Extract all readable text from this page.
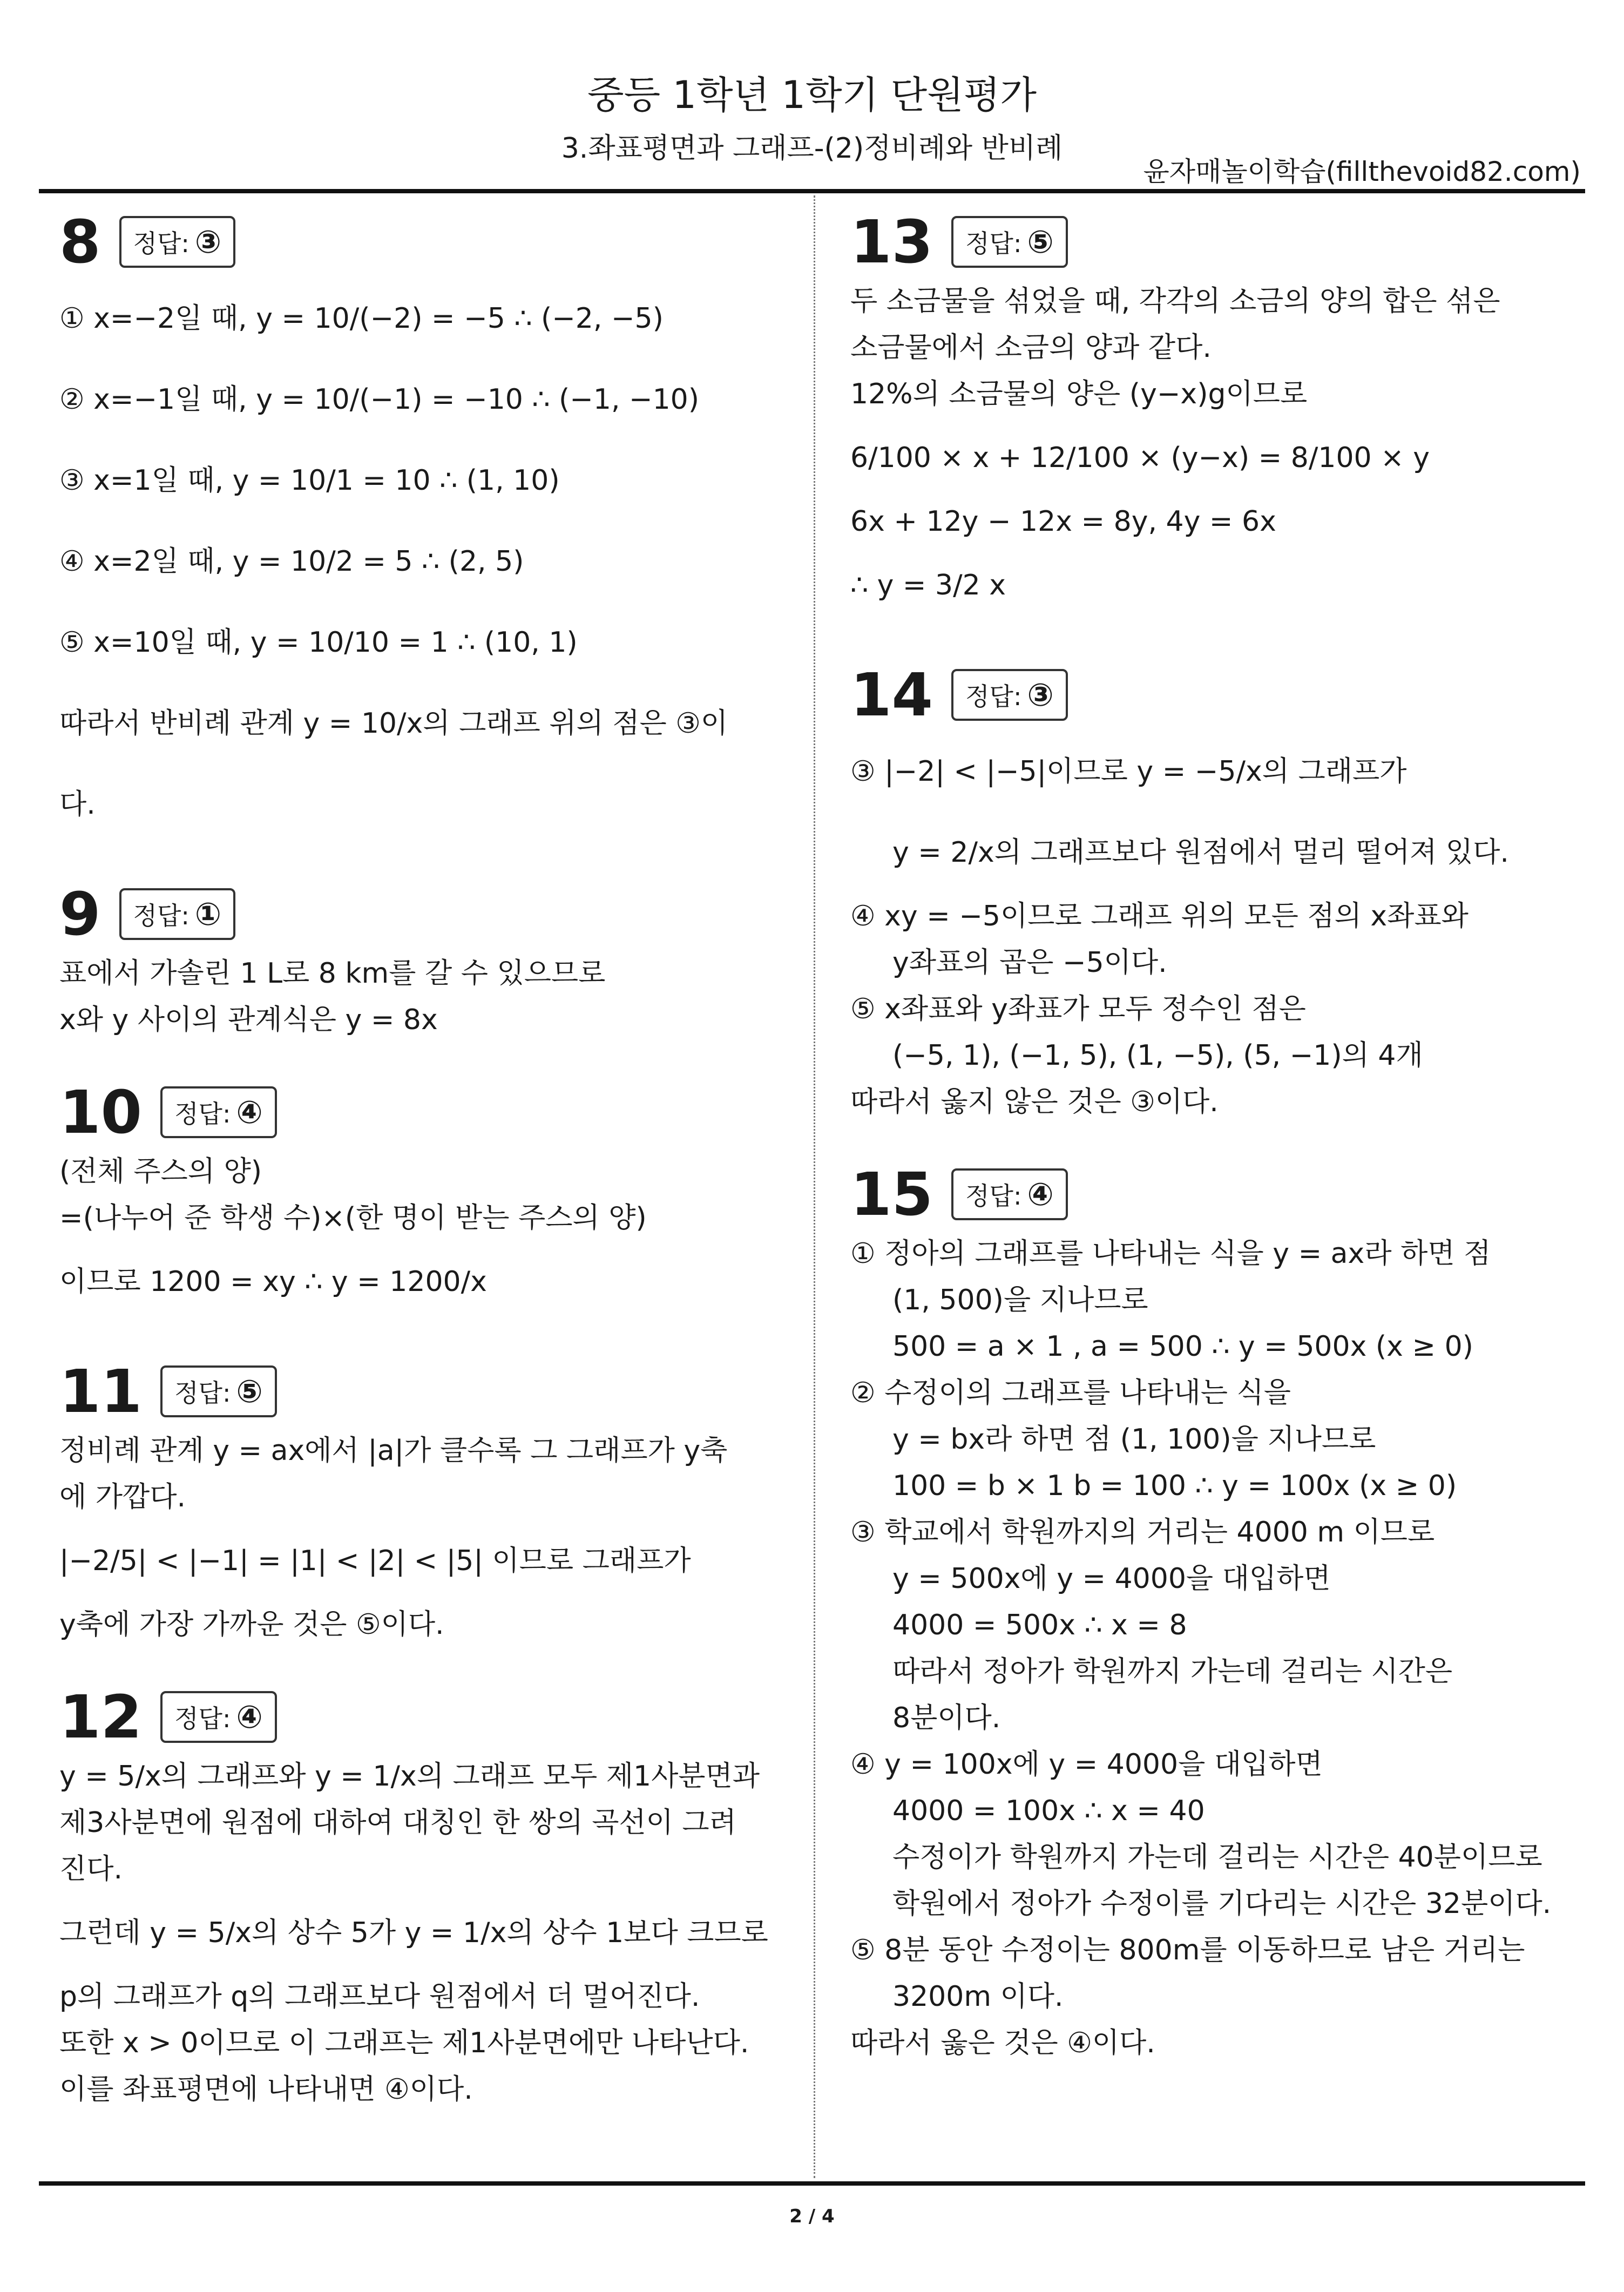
중등 1학년 1학기 단원평가
3.좌표평면과 그래프-(2)정비례와 반비례
윤자매놀이학습(fillthevoid82.com)
8 정답: ③
① x=−2일 때, y = 10/(−2) = −5 ∴ (−2, −5)
② x=−1일 때, y = 10/(−1) = −10 ∴ (−1, −10)
③ x=1일 때, y = 10/1 = 10 ∴ (1, 10)
④ x=2일 때, y = 10/2 = 5 ∴ (2, 5)
⑤ x=10일 때, y = 10/10 = 1 ∴ (10, 1)
따라서 반비례 관계 y = 10/x의 그래프 위의 점은 ③이 다.
9 정답: ①
표에서 가솔린 1 L로 8 km를 갈 수 있으므로
x와 y 사이의 관계식은 y = 8x
10 정답: ④
(전체 주스의 양)
=(나누어 준 학생 수)×(한 명이 받는 주스의 양)
이므로 1200 = xy ∴ y = 1200/x
11 정답: ⑤
정비례 관계 y = ax에서 |a|가 클수록 그 그래프가 y축
에 가깝다.
|−2/5| < |−1| = |1| < |2| < |5| 이므로 그래프가
y축에 가장 가까운 것은 ⑤이다.
12 정답: ④
y = 5/x의 그래프와 y = 1/x의 그래프 모두 제1사분면과
제3사분면에 원점에 대하여 대칭인 한 쌍의 곡선이 그려
진다.
그런데 y = 5/x의 상수 5가 y = 1/x의 상수 1보다 크므로
p의 그래프가 q의 그래프보다 원점에서 더 멀어진다.
또한 x > 0이므로 이 그래프는 제1사분면에만 나타난다.
이를 좌표평면에 나타내면 ④이다.
13 정답: ⑤
두 소금물을 섞었을 때, 각각의 소금의 양의 합은 섞은
소금물에서 소금의 양과 같다.
12%의 소금물의 양은 (y−x)g이므로
6/100 × x + 12/100 × (y−x) = 8/100 × y
6x + 12y − 12x = 8y, 4y = 6x
∴ y = 3/2 x
14 정답: ③
③ |−2| < |−5|이므로 y = −5/x의 그래프가
y = 2/x의 그래프보다 원점에서 멀리 떨어져 있다.
④ xy = −5이므로 그래프 위의 모든 점의 x좌표와
y좌표의 곱은 −5이다.
⑤ x좌표와 y좌표가 모두 정수인 점은
(−5, 1), (−1, 5), (1, −5), (5, −1)의 4개
따라서 옳지 않은 것은 ③이다.
15 정답: ④
① 정아의 그래프를 나타내는 식을 y = ax라 하면 점
(1, 500)을 지나므로
500 = a × 1 , a = 500 ∴ y = 500x (x ≥ 0)
② 수정이의 그래프를 나타내는 식을
y = bx라 하면 점 (1, 100)을 지나므로
100 = b × 1 b = 100 ∴ y = 100x (x ≥ 0)
③ 학교에서 학원까지의 거리는 4000 m 이므로
y = 500x에 y = 4000을 대입하면
4000 = 500x ∴ x = 8
따라서 정아가 학원까지 가는데 걸리는 시간은
8분이다.
④ y = 100x에 y = 4000을 대입하면
4000 = 100x ∴ x = 40
수정이가 학원까지 가는데 걸리는 시간은 40분이므로
학원에서 정아가 수정이를 기다리는 시간은 32분이다.
⑤ 8분 동안 수정이는 800m를 이동하므로 남은 거리는
3200m 이다.
따라서 옳은 것은 ④이다.
2 / 4
